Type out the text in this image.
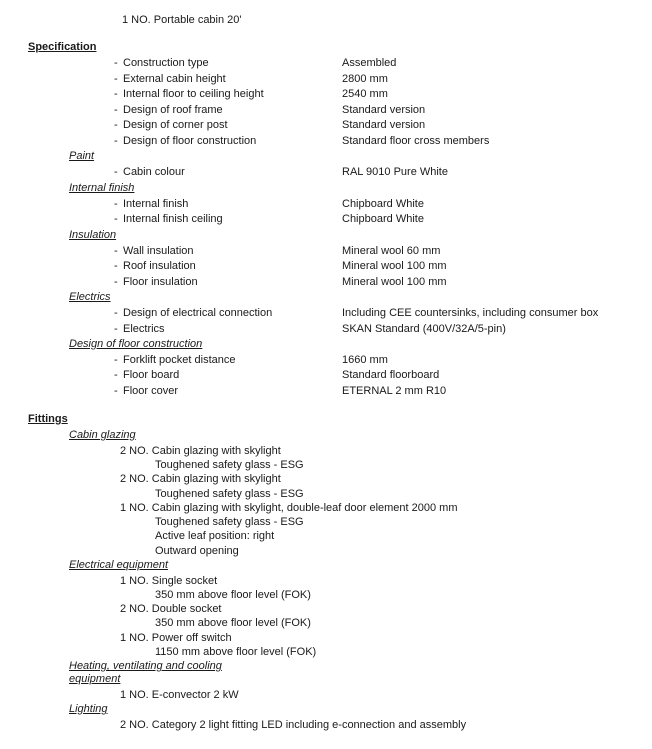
1 NO. Portable cabin 20'
Specification
- Construction type	Assembled
- External cabin height	2800 mm
- Internal floor to ceiling height	2540 mm
- Design of roof frame	Standard version
- Design of corner post	Standard version
- Design of floor construction	Standard floor cross members
Paint
- Cabin colour	RAL 9010 Pure White
Internal finish
- Internal finish	Chipboard White
- Internal finish ceiling	Chipboard White
Insulation
- Wall insulation	Mineral wool 60 mm
- Roof insulation	Mineral wool 100 mm
- Floor insulation	Mineral wool 100 mm
Electrics
- Design of electrical connection	Including CEE countersinks, including consumer box
- Electrics	SKAN Standard (400V/32A/5-pin)
Design of floor construction
- Forklift pocket distance	1660 mm
- Floor board	Standard floorboard
- Floor cover	ETERNAL 2 mm R10
Fittings
Cabin glazing
2 NO. Cabin glazing with skylight
Toughened safety glass - ESG
2 NO. Cabin glazing with skylight
Toughened safety glass - ESG
1 NO. Cabin glazing with skylight, double-leaf door element 2000 mm
Toughened safety glass - ESG
Active leaf position: right
Outward opening
Electrical equipment
1 NO. Single socket
350 mm above floor level (FOK)
2 NO. Double socket
350 mm above floor level (FOK)
1 NO. Power off switch
1150 mm above floor level (FOK)
Heating, ventilating and cooling
equipment
1 NO. E-convector 2 kW
Lighting
2 NO. Category 2 light fitting LED including e-connection and assembly
